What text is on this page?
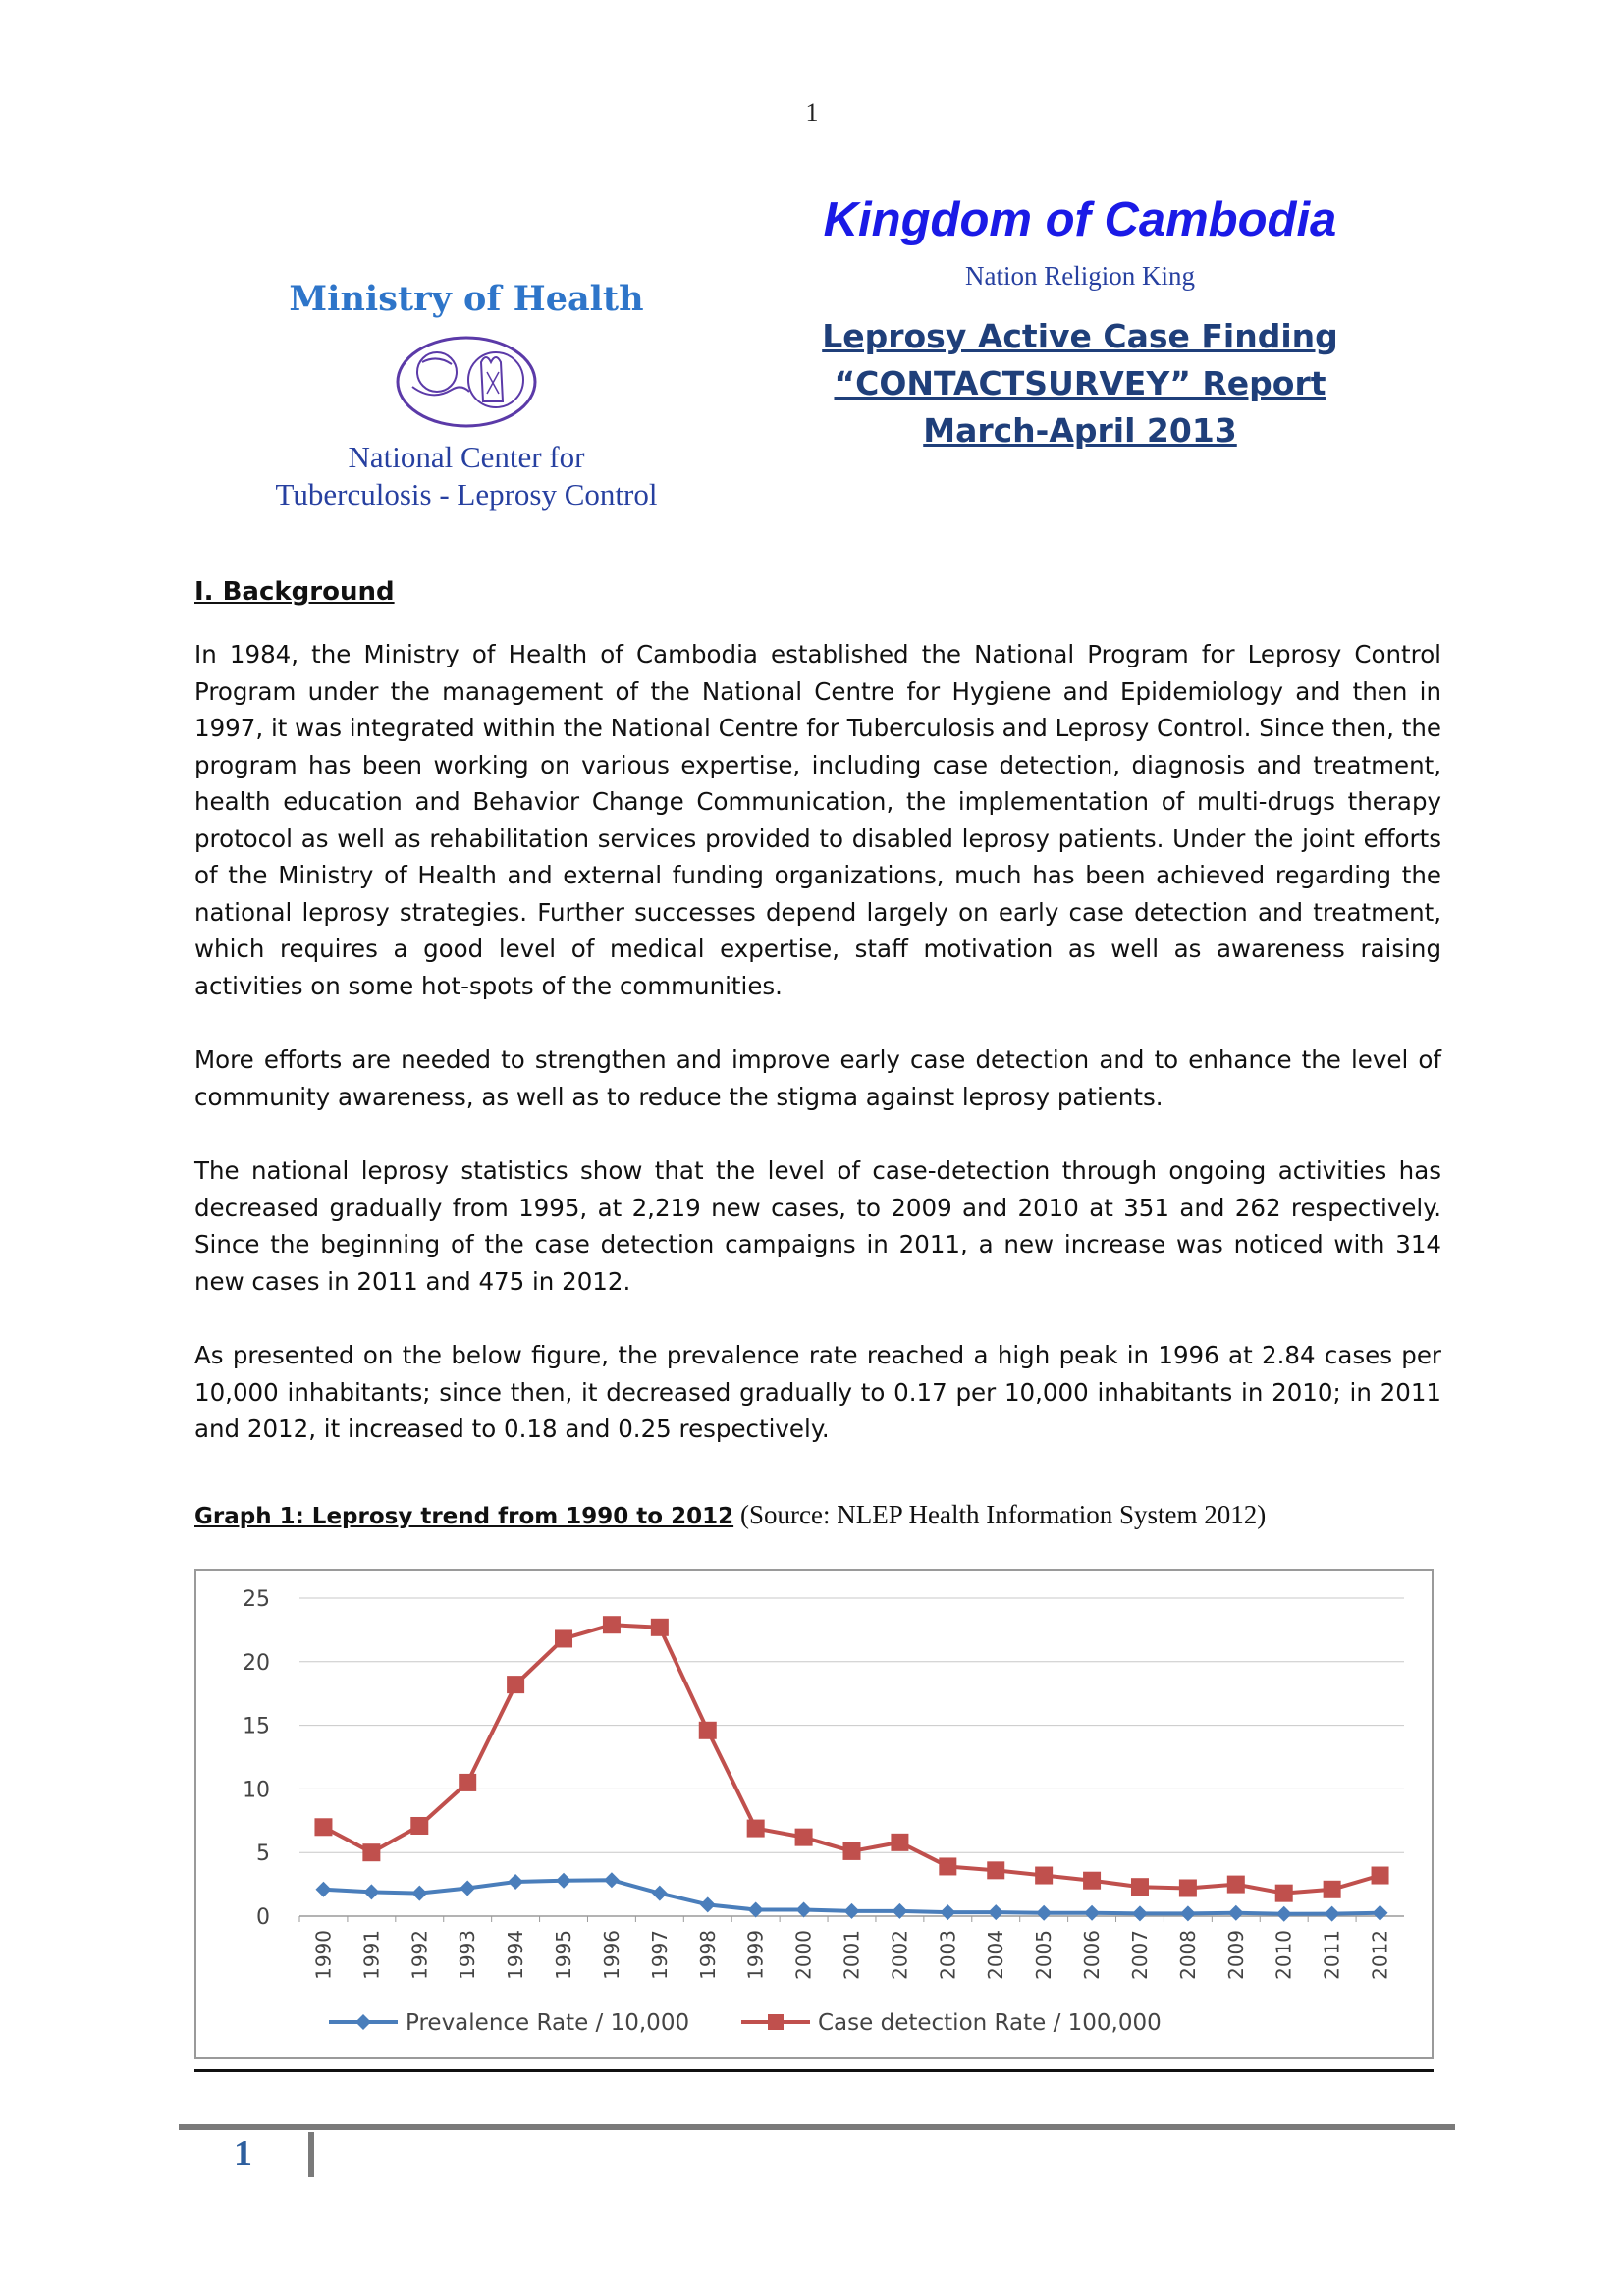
1
Ministry of Health
National Center for
Tuberculosis - Leprosy Control
Kingdom of Cambodia
Nation Religion King
Leprosy Active Case Finding
“CONTACTSURVEY” Report
March-April 2013
I. Background

In 1984, the Ministry of Health of Cambodia established the National Program for Leprosy Control Program under the management of the National Centre for Hygiene and Epidemiology and then in 1997, it was integrated within the National Centre for Tuberculosis and Leprosy Control. Since then, the program has been working on various expertise, including case detection, diagnosis and treatment, health education and Behavior Change Communication, the implementation of multi-drugs therapy protocol as well as rehabilitation services provided to disabled leprosy patients. Under the joint efforts of the Ministry of Health and external funding organizations, much has been achieved regarding the national leprosy strategies. Further successes depend largely on early case detection and treatment, which requires a good level of medical expertise, staff motivation as well as awareness raising activities on some hot-spots of the communities.

More efforts are needed to strengthen and improve early case detection and to enhance the level of community awareness, as well as to reduce the stigma against leprosy patients.

The national leprosy statistics show that the level of case-detection through ongoing activities has decreased gradually from 1995, at 2,219 new cases, to 2009 and 2010 at 351 and 262 respectively. Since the beginning of the case detection campaigns in 2011, a new increase was noticed with 314 new cases in 2011 and 475 in 2012.

As presented on the below figure, the prevalence rate reached a high peak in 1996 at 2.84 cases per 10,000 inhabitants; since then, it decreased gradually to 0.17 per 10,000 inhabitants in 2010; in 2011 and 2012, it increased to 0.18 and 0.25 respectively.

Graph 1: Leprosy trend from 1990 to 2012 (Source: NLEP Health Information System 2012)
0
5
10
15
20
25
1990 1991 1992 1993 1994 1995 1996 1997 1998 1999 2000 2001 2002 2003 2004 2005 2006 2007 2008 2009 2010 2011 2012
Prevalence Rate / 10,000	Case detection Rate / 100,000
1
